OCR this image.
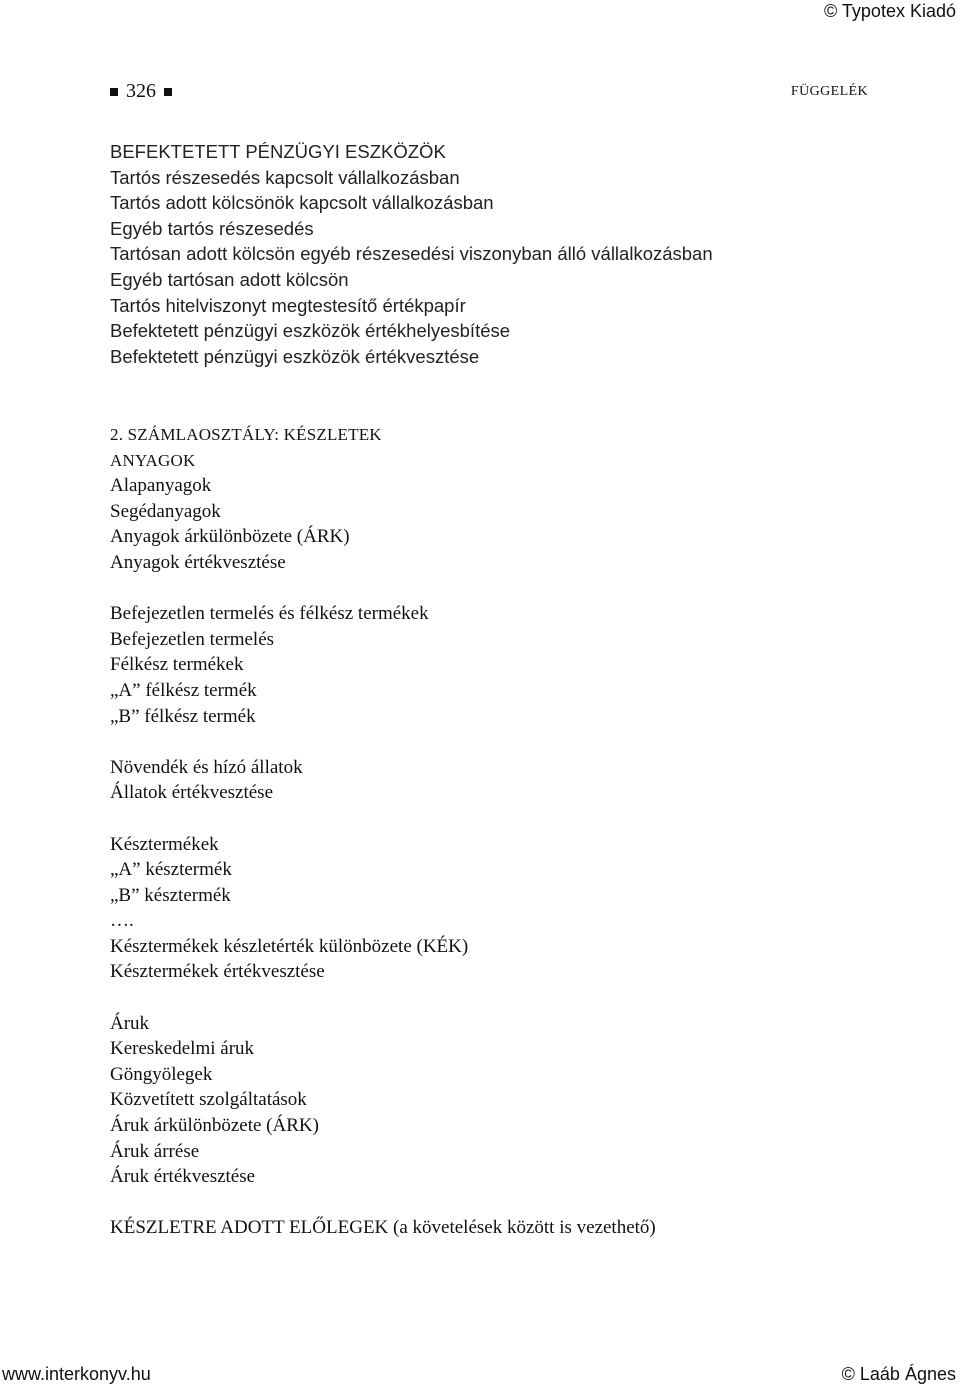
© Typotex Kiadó
326	FÜGGELÉK
BEFEKTETETT PÉNZÜGYI ESZKÖZÖK
Tartós részesedés kapcsolt vállalkozásban
Tartós adott kölcsönök kapcsolt vállalkozásban
Egyéb tartós részesedés
Tartósan adott kölcsön egyéb részesedési viszonyban álló vállalkozásban
Egyéb tartósan adott kölcsön
Tartós hitelviszonyt megtestesítő értékpapír
Befektetett pénzügyi eszközök értékhelyesbítése
Befektetett pénzügyi eszközök értékvesztése
2. SZÁMLAOSZTÁLY: KÉSZLETEK
ANYAGOK
Alapanyagok
Segédanyagok
Anyagok árkülönbözete (ÁRK)
Anyagok értékvesztése
Befejezetlen termelés és félkész termékek
Befejezetlen termelés
Félkész termékek
„A” félkész termék
„B” félkész termék
Növendék és hízó állatok
Állatok értékvesztése
Késztermékek
„A” késztermék
„B” késztermék
….
Késztermékek készletérték különbözete (KÉK)
Késztermékek értékvesztése
Áruk
Kereskedelmi áruk
Göngyölegek
Közvetített szolgáltatások
Áruk árkülönbözete (ÁRK)
Áruk árrése
Áruk értékvesztése
KÉSZLETRE ADOTT ELŐLEGEK (a követelések között is vezethető)
www.interkonyv.hu	© Laáb Ágnes
